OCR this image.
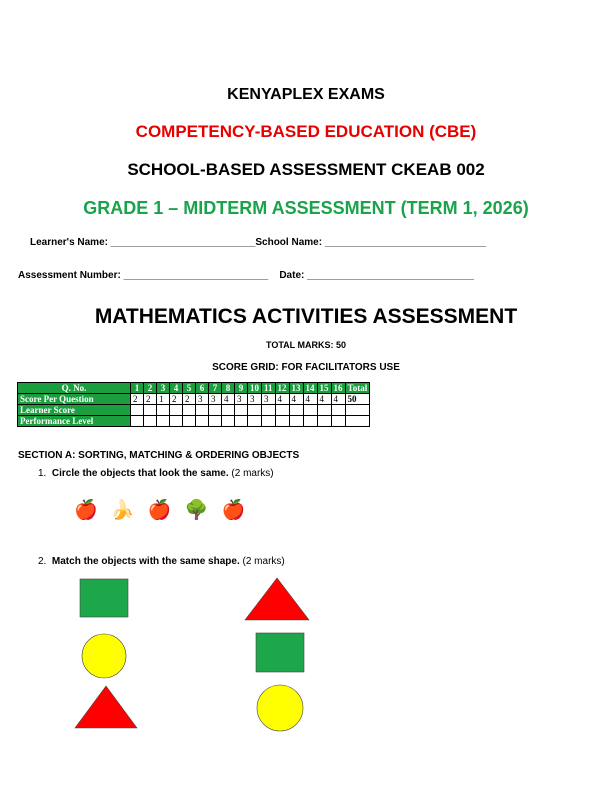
KENYAPLEX EXAMS
COMPETENCY-BASED EDUCATION (CBE)
SCHOOL-BASED ASSESSMENT CKEAB 002
GRADE 1 – MIDTERM ASSESSMENT (TERM 1, 2026)
Learner's Name: __________________________School Name: _____________________________
Assessment Number: __________________________ Date: ______________________________
MATHEMATICS ACTIVITIES ASSESSMENT
TOTAL MARKS: 50
SCORE GRID: FOR FACILITATORS USE
Q. No.	1	2	3	4	5	6	7	8	9	10	11	12	13	14	15	16	Total
Score Per Question	2	2	1	2	2	3	3	4	3	3	3	4	4	4	4	4	50
Learner Score																	
Performance Level																	
SECTION A: SORTING, MATCHING & ORDERING OBJECTS
1. Circle the objects that look the same. (2 marks)
🍎 🍌 🍎 🌳 🍎
2. Match the objects with the same shape. (2 marks)
